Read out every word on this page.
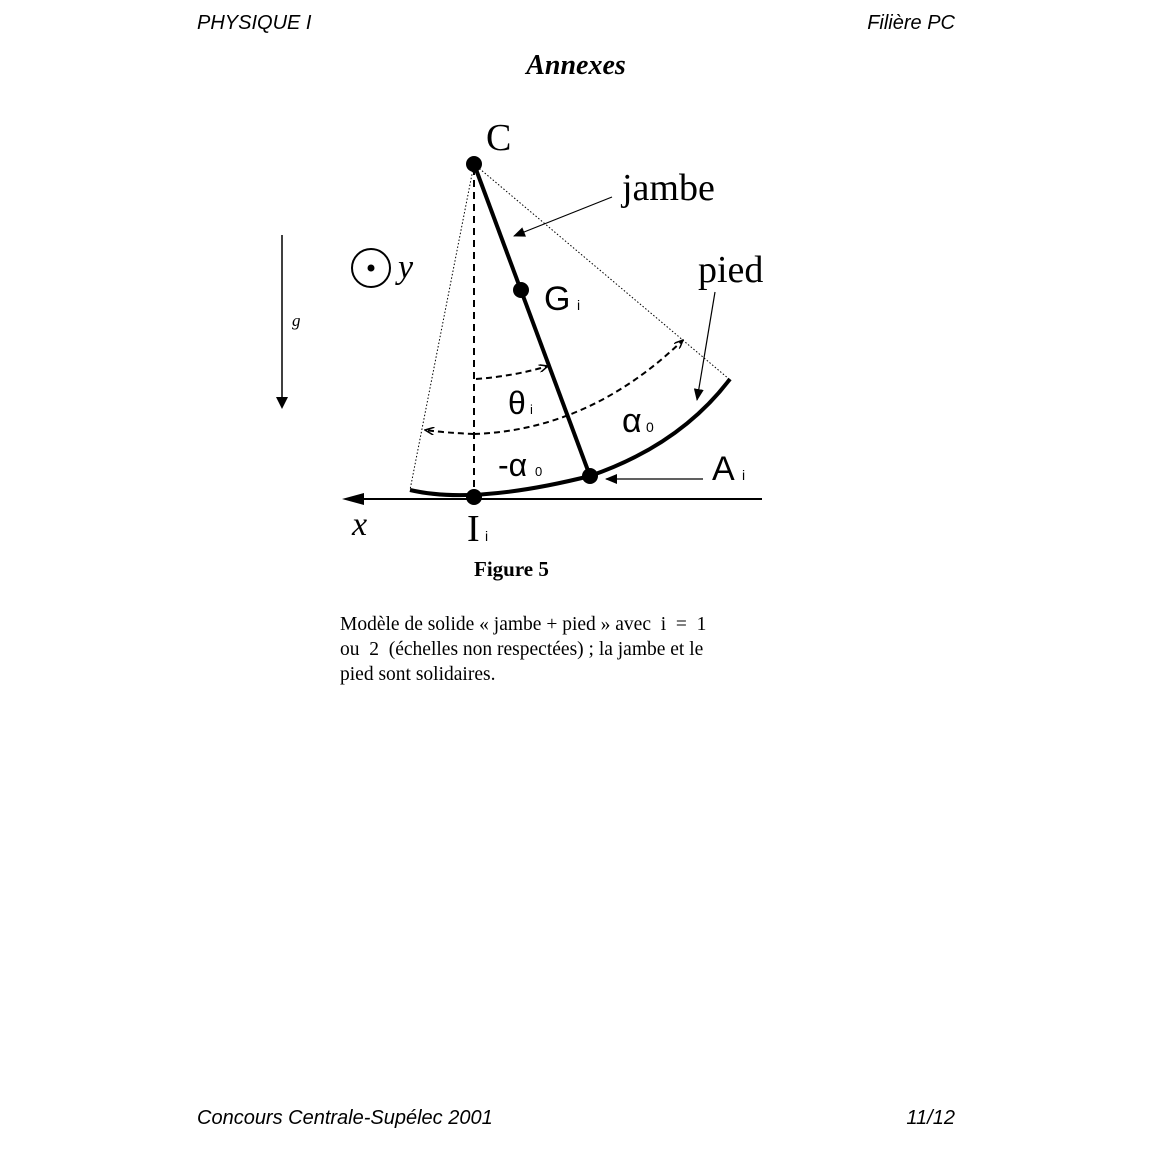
PHYSIQUE I	Filière PC
Annexes
g
y
x
C
jambe
pied
G i
θ i	α 0
-α 0	A i
I i
Figure 5
Modèle de solide « jambe + pied » avec  i  =  1
ou  2  (échelles non respectées) ; la jambe et le
pied sont solidaires.
Concours Centrale-Supélec 2001	11/12
